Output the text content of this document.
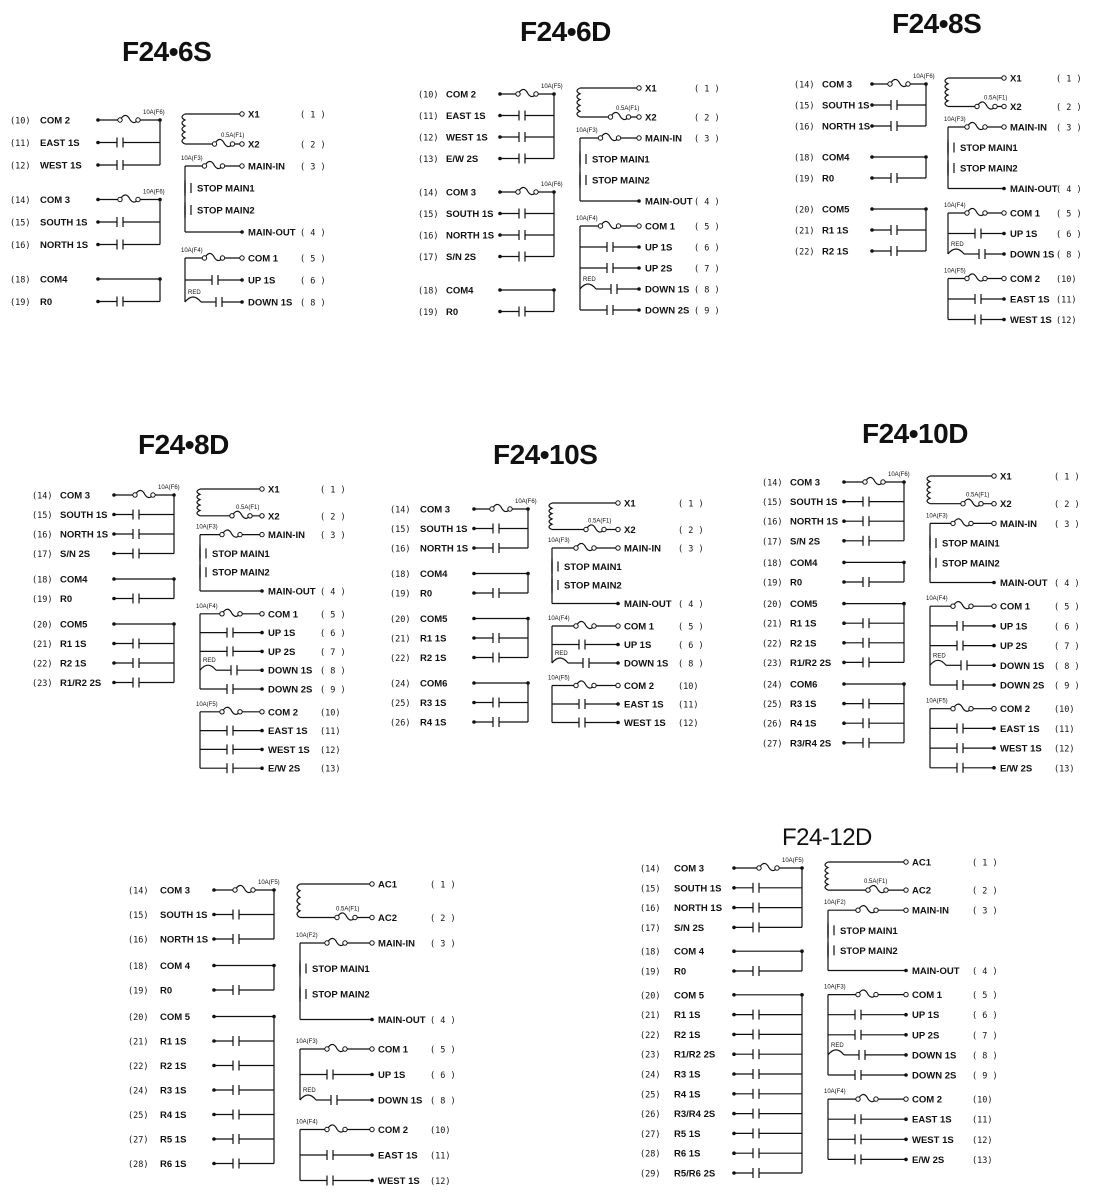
F24•6S
(10) COM 2
10A(F6)
(11) EAST 1S
(12) WEST 1S
(14) COM 3
10A(F6)
(15) SOUTH 1S
(16) NORTH 1S
(18) COM4
(19) R0
X1	( 1 )
0.5A(F1)
X2	( 2 )
10A(F3)
MAIN-IN ( 3 )
STOP MAIN1
STOP MAIN2
MAIN-OUT ( 4 )
10A(F4)
COM 1	( 5 )
UP 1S	( 6 )
RED
DOWN 1S ( 8 )
F24•6D
(10) COM 2
10A(F5)
(11) EAST 1S
(12) WEST 1S
(13) E/W 2S
(14) COM 3
10A(F6)
(15) SOUTH 1S
(16) NORTH 1S
(17) S/N 2S
(18) COM4
(19) R0
X1	( 1 )
0.5A(F1)
X2	( 2 )
10A(F3)
MAIN-IN ( 3 )
STOP MAIN1
STOP MAIN2
MAIN-OUT ( 4 )
10A(F4)
COM 1 ( 5 )
UP 1S	( 6 )
UP 2S	( 7 )
RED
DOWN 1S ( 8 )
DOWN 2S ( 9 )
F24•8S
(14) COM 3
10A(F6)
(15) SOUTH 1S
(16) NORTH 1S
(18) COM4
(19) R0
(20) COM5
(21) R1 1S
(22) R2 1S
X1	( 1 )
0.5A(F1)
X2	( 2 )
10A(F3)
MAIN-IN ( 3 )
STOP MAIN1
STOP MAIN2
MAIN-OUT
( 4 )
10A(F4)
COM 1 ( 5 )
UP 1S ( 6 )
RED
DOWN 1S ( 8 )
10A(F5)
COM 2 (10)
EAST 1S (11)
WEST 1S (12)
F24•8D
(14) COM 3
10A(F6)
(15) SOUTH 1S
(16) NORTH 1S
(17) S/N 2S
(18) COM4
(19) R0
(20) COM5
(21) R1 1S
(22) R2 1S
(23) R1/R2 2S
X1	( 1 )
0.5A(F1)
X2	( 2 )
10A(F3)
MAIN-IN ( 3 )
STOP MAIN1
STOP MAIN2
MAIN-OUT ( 4 )
10A(F4)
COM 1	( 5 )
UP 1S	( 6 )
UP 2S	( 7 )
RED
DOWN 1S ( 8 )
DOWN 2S ( 9 )
10A(F5)
COM 2	(10)
EAST 1S (11)
WEST 1S (12)
E/W 2S (13)
F24•10S
(14) COM 3
10A(F6)
(15) SOUTH 1S
(16) NORTH 1S
(18) COM4
(19) R0
(20) COM5
(21) R1 1S
(22) R2 1S
(24) COM6
(25) R3 1S
(26) R4 1S
X1	( 1 )
0.5A(F1)
X2	( 2 )
10A(F3)
MAIN-IN ( 3 )
STOP MAIN1
STOP MAIN2
MAIN-OUT ( 4 )
10A(F4)
COM 1	( 5 )
UP 1S	( 6 )
RED
DOWN 1S ( 8 )
10A(F5)
COM 2	(10)
EAST 1S (11)
WEST 1S (12)
F24•10D
(14) COM 3
10A(F6)
(15) SOUTH 1S
(16) NORTH 1S
(17) S/N 2S
(18) COM4
(19) R0
(20) COM5
(21) R1 1S
(22) R2 1S
(23) R1/R2 2S
(24) COM6
(25) R3 1S
(26) R4 1S
(27) R3/R4 2S
X1	( 1 )
0.5A(F1)
X2	( 2 )
10A(F3)
MAIN-IN ( 3 )
STOP MAIN1
STOP MAIN2
MAIN-OUT ( 4 )
10A(F4)
COM 1	( 5 )
UP 1S	( 6 )
UP 2S	( 7 )
RED
DOWN 1S ( 8 )
DOWN 2S ( 9 )
10A(F5)
COM 2	(10)
EAST 1S (11)
WEST 1S (12)
E/W 2S	(13)
(14) COM 3
10A(F5)
(15) SOUTH 1S
(16) NORTH 1S
(18) COM 4
(19) R0
(20) COM 5
(21) R1 1S
(22) R2 1S
(24) R3 1S
(25) R4 1S
(27) R5 1S
(28) R6 1S
AC1	( 1 )
0.5A(F1)
AC2	( 2 )
10A(F2)
MAIN-IN ( 3 )
STOP MAIN1
STOP MAIN2
MAIN-OUT ( 4 )
10A(F3)
COM 1	( 5 )
UP 1S	( 6 )
RED
DOWN 1S ( 8 )
10A(F4)
COM 2	(10)
EAST 1S (11)
WEST 1S (12)
F24-12D
(14) COM 3
10A(F5)
(15) SOUTH 1S
(16) NORTH 1S
(17) S/N 2S
(18) COM 4
(19) R0
(20) COM 5
(21) R1 1S
(22) R2 1S
(23) R1/R2 2S
(24) R3 1S
(25) R4 1S
(26) R3/R4 2S
(27) R5 1S
(28) R6 1S
(29) R5/R6 2S
AC1	( 1 )
0.5A(F1)
AC2	( 2 )
10A(F2)
MAIN-IN	( 3 )
STOP MAIN1
STOP MAIN2
MAIN-OUT ( 4 )
10A(F3)
COM 1	( 5 )
UP 1S	( 6 )
UP 2S	( 7 )
RED
DOWN 1S ( 8 )
DOWN 2S ( 9 )
10A(F4)
COM 2	(10)
EAST 1S (11)
WEST 1S (12)
E/W 2S	(13)
